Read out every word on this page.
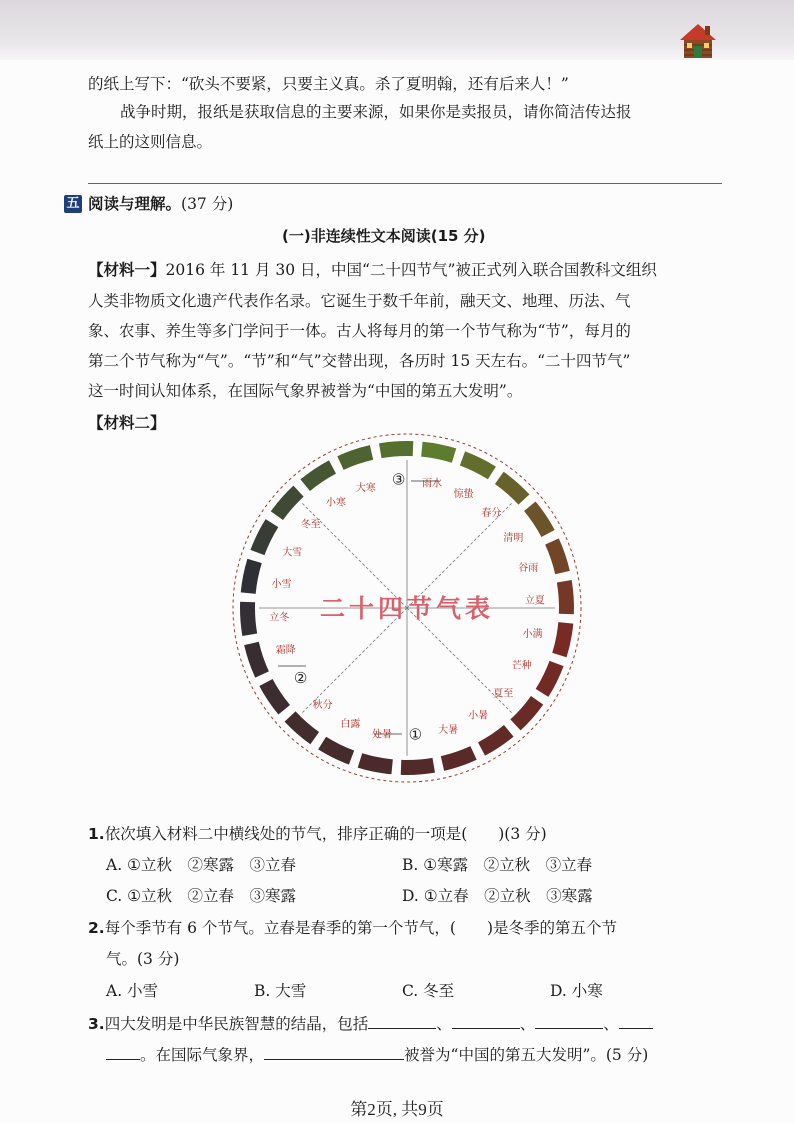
的纸上写下：“砍头不要紧，只要主义真。杀了夏明翰，还有后来人！”
战争时期，报纸是获取信息的主要来源，如果你是卖报员，请你简洁传达报
纸上的这则信息。
五 阅读与理解。(37 分)
(一)非连续性文本阅读(15 分)
【材料一】2016 年 11 月 30 日，中国“二十四节气”被正式列入联合国教科文组织
人类非物质文化遗产代表作名录。它诞生于数千年前，融天文、地理、历法、气
象、农事、养生等多门学问于一体。古人将每月的第一个节气称为“节”，每月的
第二个节气称为“气”。“节”和“气”交替出现，各历时 15 天左右。“二十四节气”
这一时间认知体系，在国际气象界被誉为“中国的第五大发明”。
【材料二】
雨水
惊蛰
春分
清明
谷雨
立夏
小满
芒种
夏至
小暑
大暑
①
处暑
白露
秋分
②
霜降
立冬
小雪
大雪
冬至
小寒
大寒
③
二十四节气表
1.依次填入材料二中横线处的节气，排序正确的一项是(　　)(3 分)
A. ①立秋　②寒露　③立春	B. ①寒露　②立秋　③立春
C. ①立秋　②立春　③寒露	D. ①立春　②立秋　③寒露
2.每个季节有 6 个节气。立春是春季的第一个节气，(　　)是冬季的第五个节
气。(3 分)
A. 小雪	B. 大雪	C. 冬至	D. 小寒
3.四大发明是中华民族智慧的结晶，包括	、	、	、
。在国际气象界，	被誉为“中国的第五大发明”。(5 分)
第2页, 共9页
